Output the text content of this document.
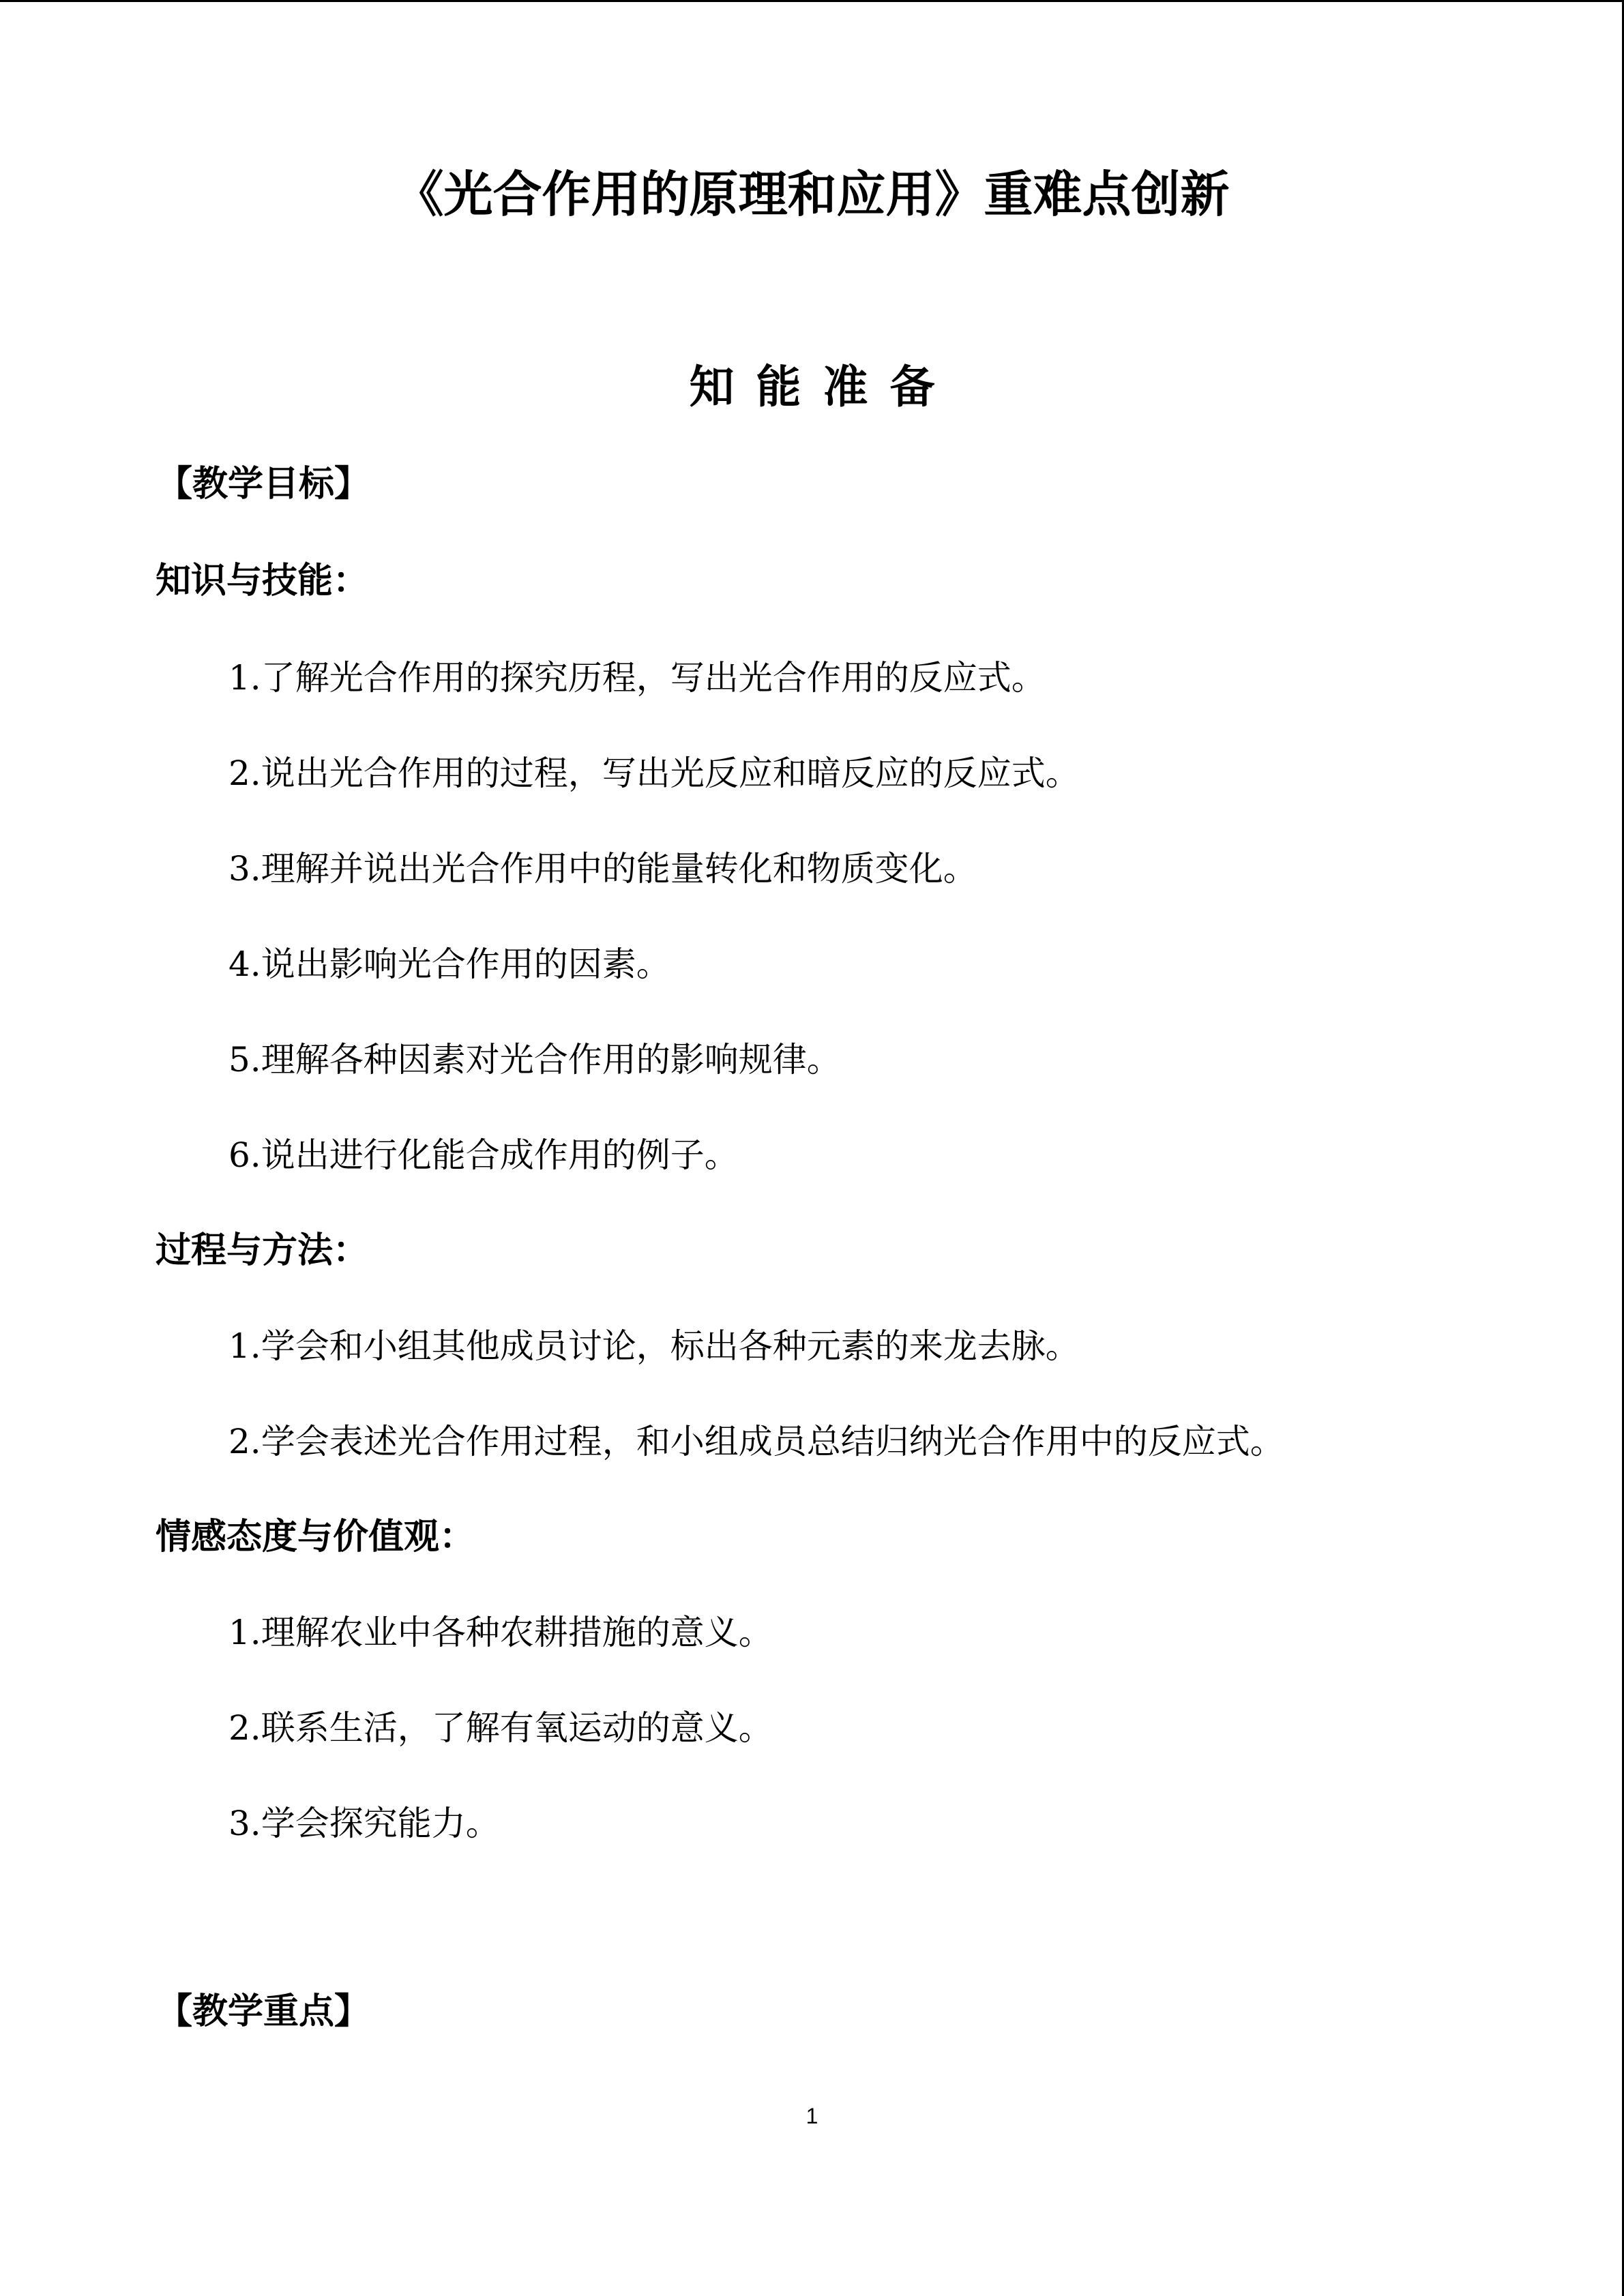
《光合作用的原理和应用》重难点创新
知能准备
【教学目标】
知识与技能：
1.了解光合作用的探究历程，写出光合作用的反应式。
2.说出光合作用的过程，写出光反应和暗反应的反应式。
3.理解并说出光合作用中的能量转化和物质变化。
4.说出影响光合作用的因素。
5.理解各种因素对光合作用的影响规律。
6.说出进行化能合成作用的例子。
过程与方法：
1.学会和小组其他成员讨论，标出各种元素的来龙去脉。
2.学会表述光合作用过程，和小组成员总结归纳光合作用中的反应式。
情感态度与价值观：
1.理解农业中各种农耕措施的意义。
2.联系生活，了解有氧运动的意义。
3.学会探究能力。
【教学重点】
1
